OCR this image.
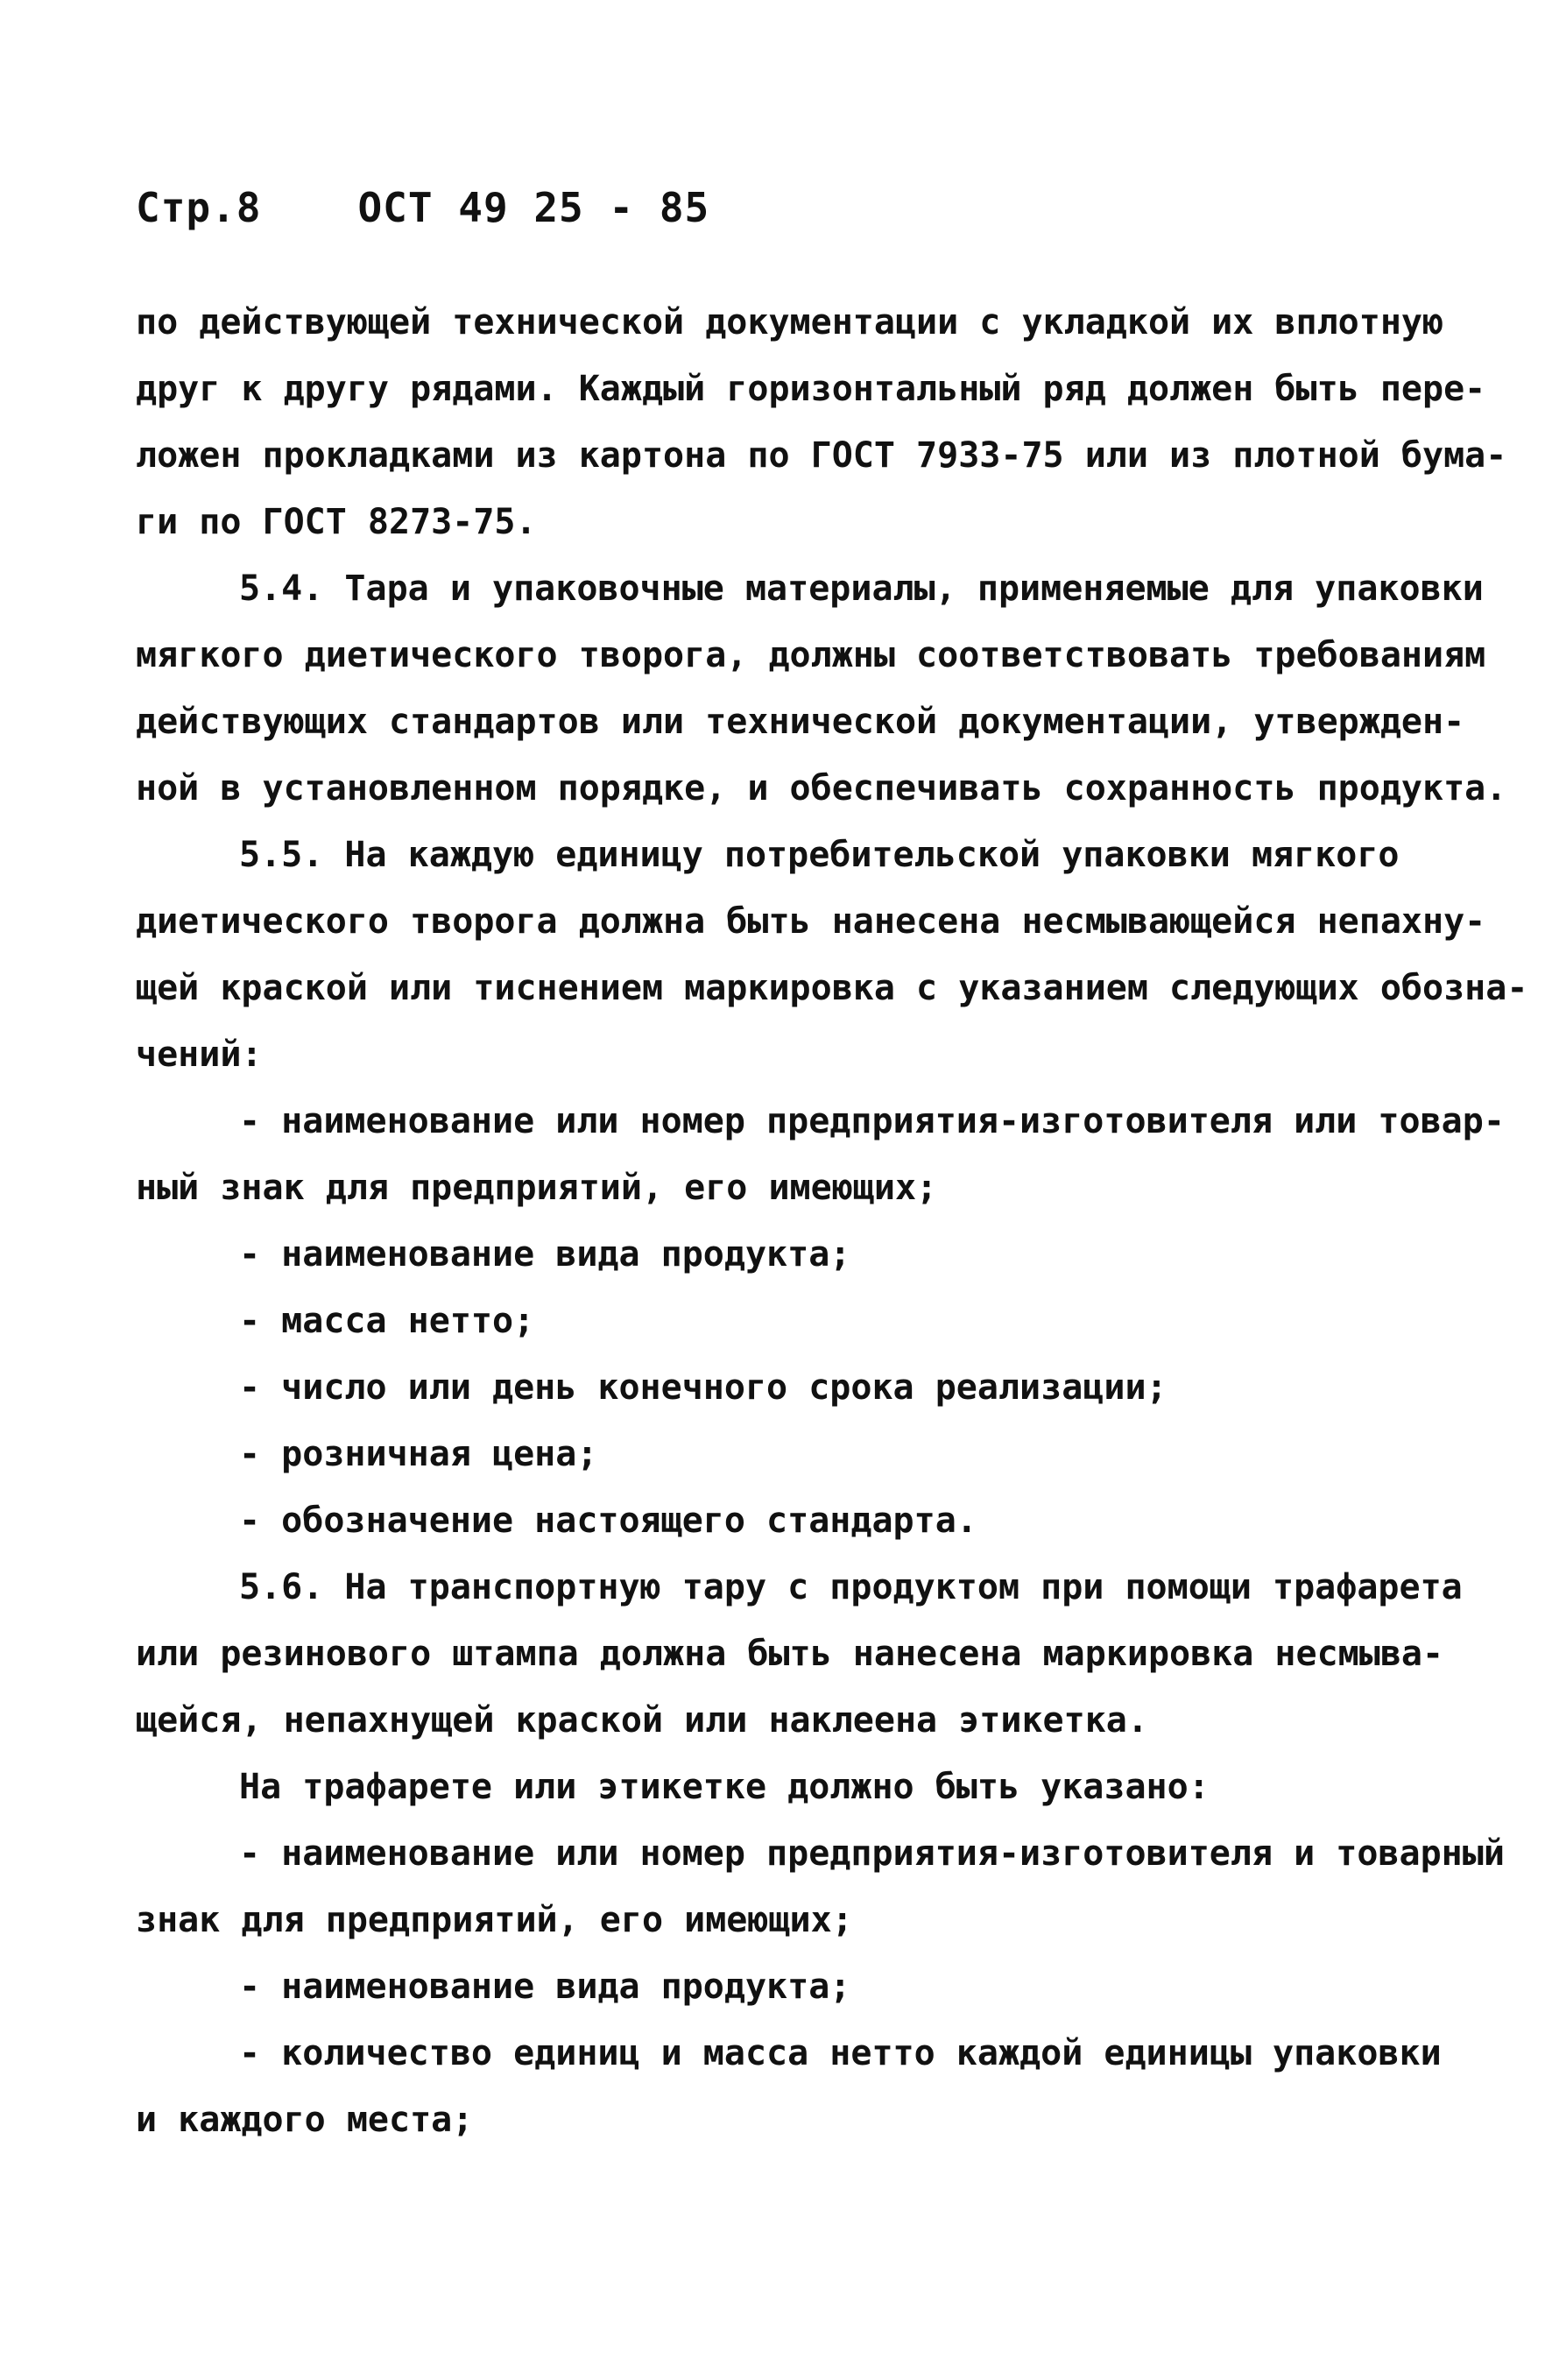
Стр.8 ОСТ 49 25 - 85
по действующей технической документации с укладкой их вплотную
друг к другу рядами. Каждый горизонтальный ряд должен быть пере-
ложен прокладками из картона по ГОСТ 7933-75 или из плотной бума-
ги по ГОСТ 8273-75.
5.4. Тара и упаковочные материалы, применяемые для упаковки
мягкого диетического творога, должны соответствовать требованиям
действующих стандартов или технической документации, утвержден-
ной в установленном порядке, и обеспечивать сохранность продукта.
5.5. На каждую единицу потребительской упаковки мягкого
диетического творога должна быть нанесена несмывающейся непахну-
щей краской или тиснением маркировка с указанием следующих обозна-
чений:
- наименование или номер предприятия-изготовителя или товар-
ный знак для предприятий, его имеющих;
- наименование вида продукта;
- масса нетто;
- число или день конечного срока реализации;
- розничная цена;
- обозначение настоящего стандарта.
5.6. На транспортную тару с продуктом при помощи трафарета
или резинового штампа должна быть нанесена маркировка несмыва-
щейся, непахнущей краской или наклеена этикетка.
На трафарете или этикетке должно быть указано:
- наименование или номер предприятия-изготовителя и товарный
знак для предприятий, его имеющих;
- наименование вида продукта;
- количество единиц и масса нетто каждой единицы упаковки
и каждого места;
